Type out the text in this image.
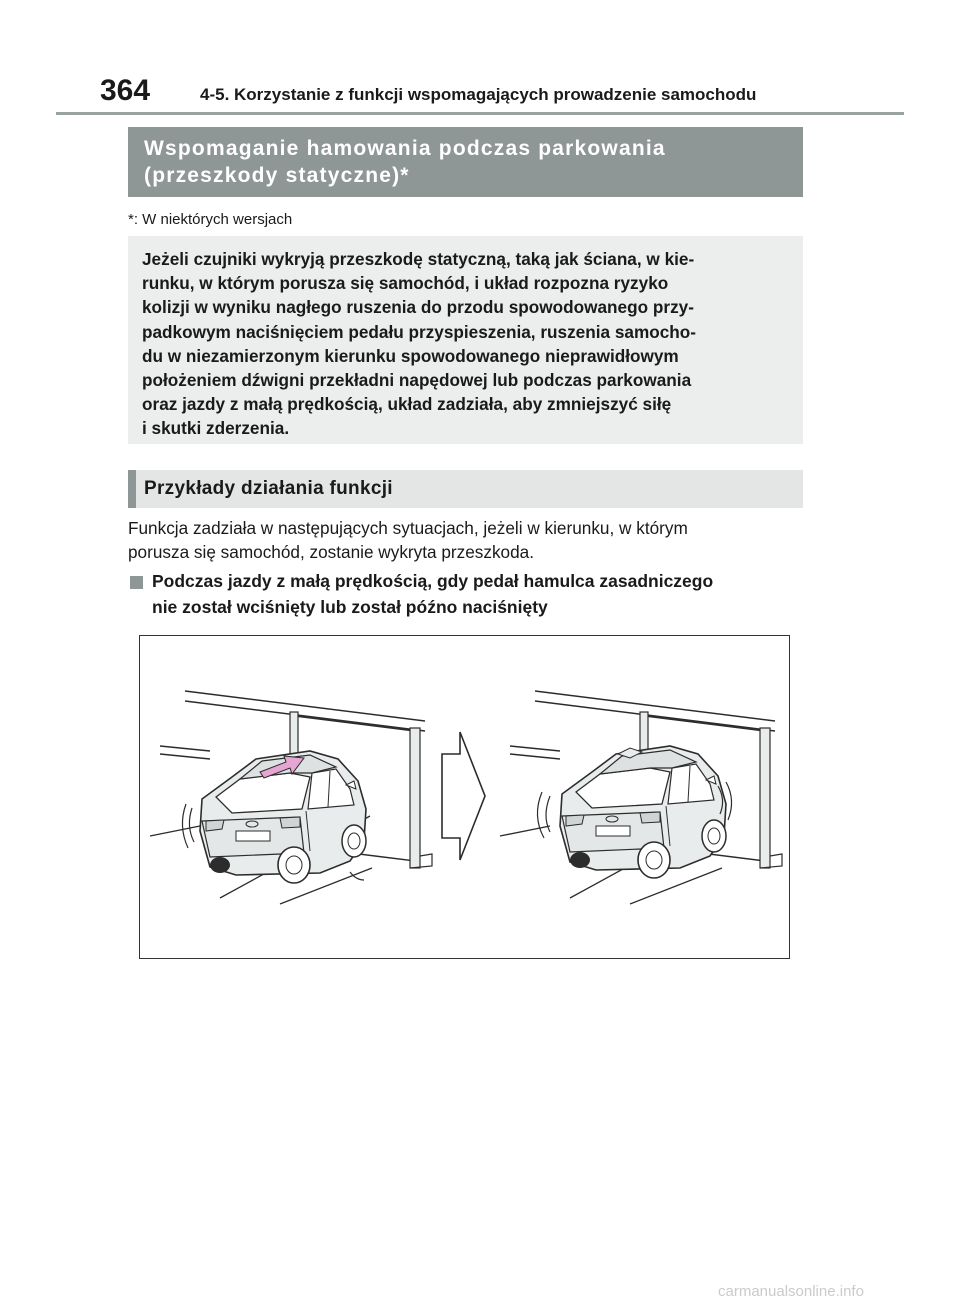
364	4-5. Korzystanie z funkcji wspomagających prowadzenie samochodu
Wspomaganie hamowania podczas parkowania
(przeszkody statyczne)*
*: W niektórych wersjach
Jeżeli czujniki wykryją przeszkodę statyczną, taką jak ściana, w kie-
runku, w którym porusza się samochód, i układ rozpozna ryzyko
kolizji w wyniku nagłego ruszenia do przodu spowodowanego przy-
padkowym naciśnięciem pedału przyspieszenia, ruszenia samocho-
du w niezamierzonym kierunku spowodowanego nieprawidłowym
położeniem dźwigni przekładni napędowej lub podczas parkowania
oraz jazdy z małą prędkością, układ zadziała, aby zmniejszyć siłę
i skutki zderzenia.
Przykłady działania funkcji
Funkcja zadziała w następujących sytuacjach, jeżeli w kierunku, w którym
porusza się samochód, zostanie wykryta przeszkoda.
Podczas jazdy z małą prędkością, gdy pedał hamulca zasadniczego
nie został wciśnięty lub został późno naciśnięty
carmanualsonline.info
